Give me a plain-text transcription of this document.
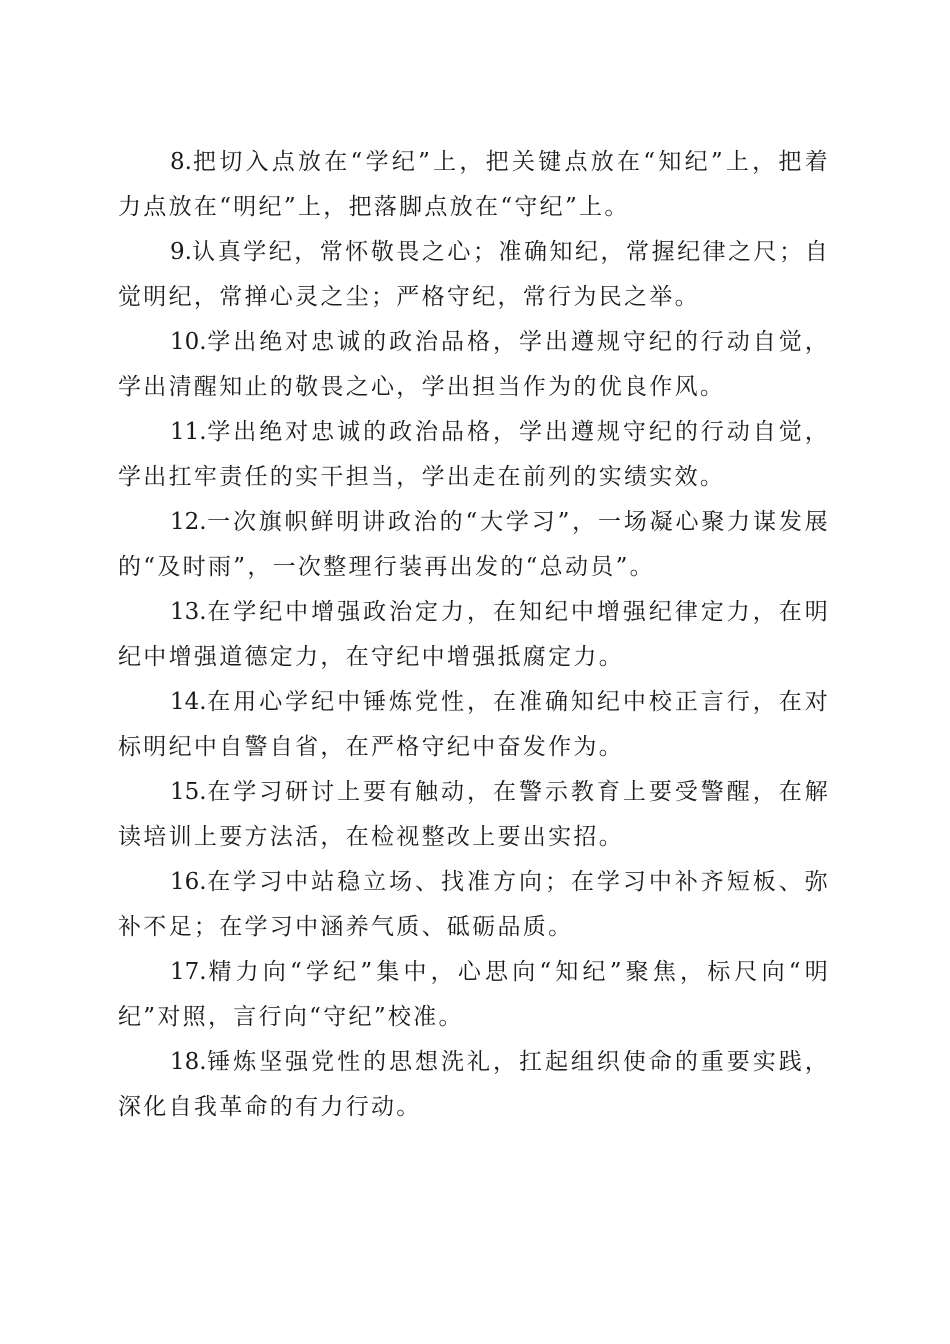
8.把切入点放在“学纪”上，把关键点放在“知纪”上，把着力点放在“明纪”上，把落脚点放在“守纪”上。

9.认真学纪，常怀敬畏之心；准确知纪，常握纪律之尺；自觉明纪，常掸心灵之尘；严格守纪，常行为民之举。

10.学出绝对忠诚的政治品格，学出遵规守纪的行动自觉，学出清醒知止的敬畏之心，学出担当作为的优良作风。

11.学出绝对忠诚的政治品格，学出遵规守纪的行动自觉，学出扛牢责任的实干担当，学出走在前列的实绩实效。

12.一次旗帜鲜明讲政治的“大学习”，一场凝心聚力谋发展的“及时雨”，一次整理行装再出发的“总动员”。

13.在学纪中增强政治定力，在知纪中增强纪律定力，在明纪中增强道德定力，在守纪中增强抵腐定力。

14.在用心学纪中锤炼党性，在准确知纪中校正言行，在对标明纪中自警自省，在严格守纪中奋发作为。

15.在学习研讨上要有触动，在警示教育上要受警醒，在解读培训上要方法活，在检视整改上要出实招。

16.在学习中站稳立场、找准方向；在学习中补齐短板、弥补不足；在学习中涵养气质、砥砺品质。

17.精力向“学纪”集中，心思向“知纪”聚焦，标尺向“明纪”对照，言行向“守纪”校准。

18.锤炼坚强党性的思想洗礼，扛起组织使命的重要实践，深化自我革命的有力行动。
